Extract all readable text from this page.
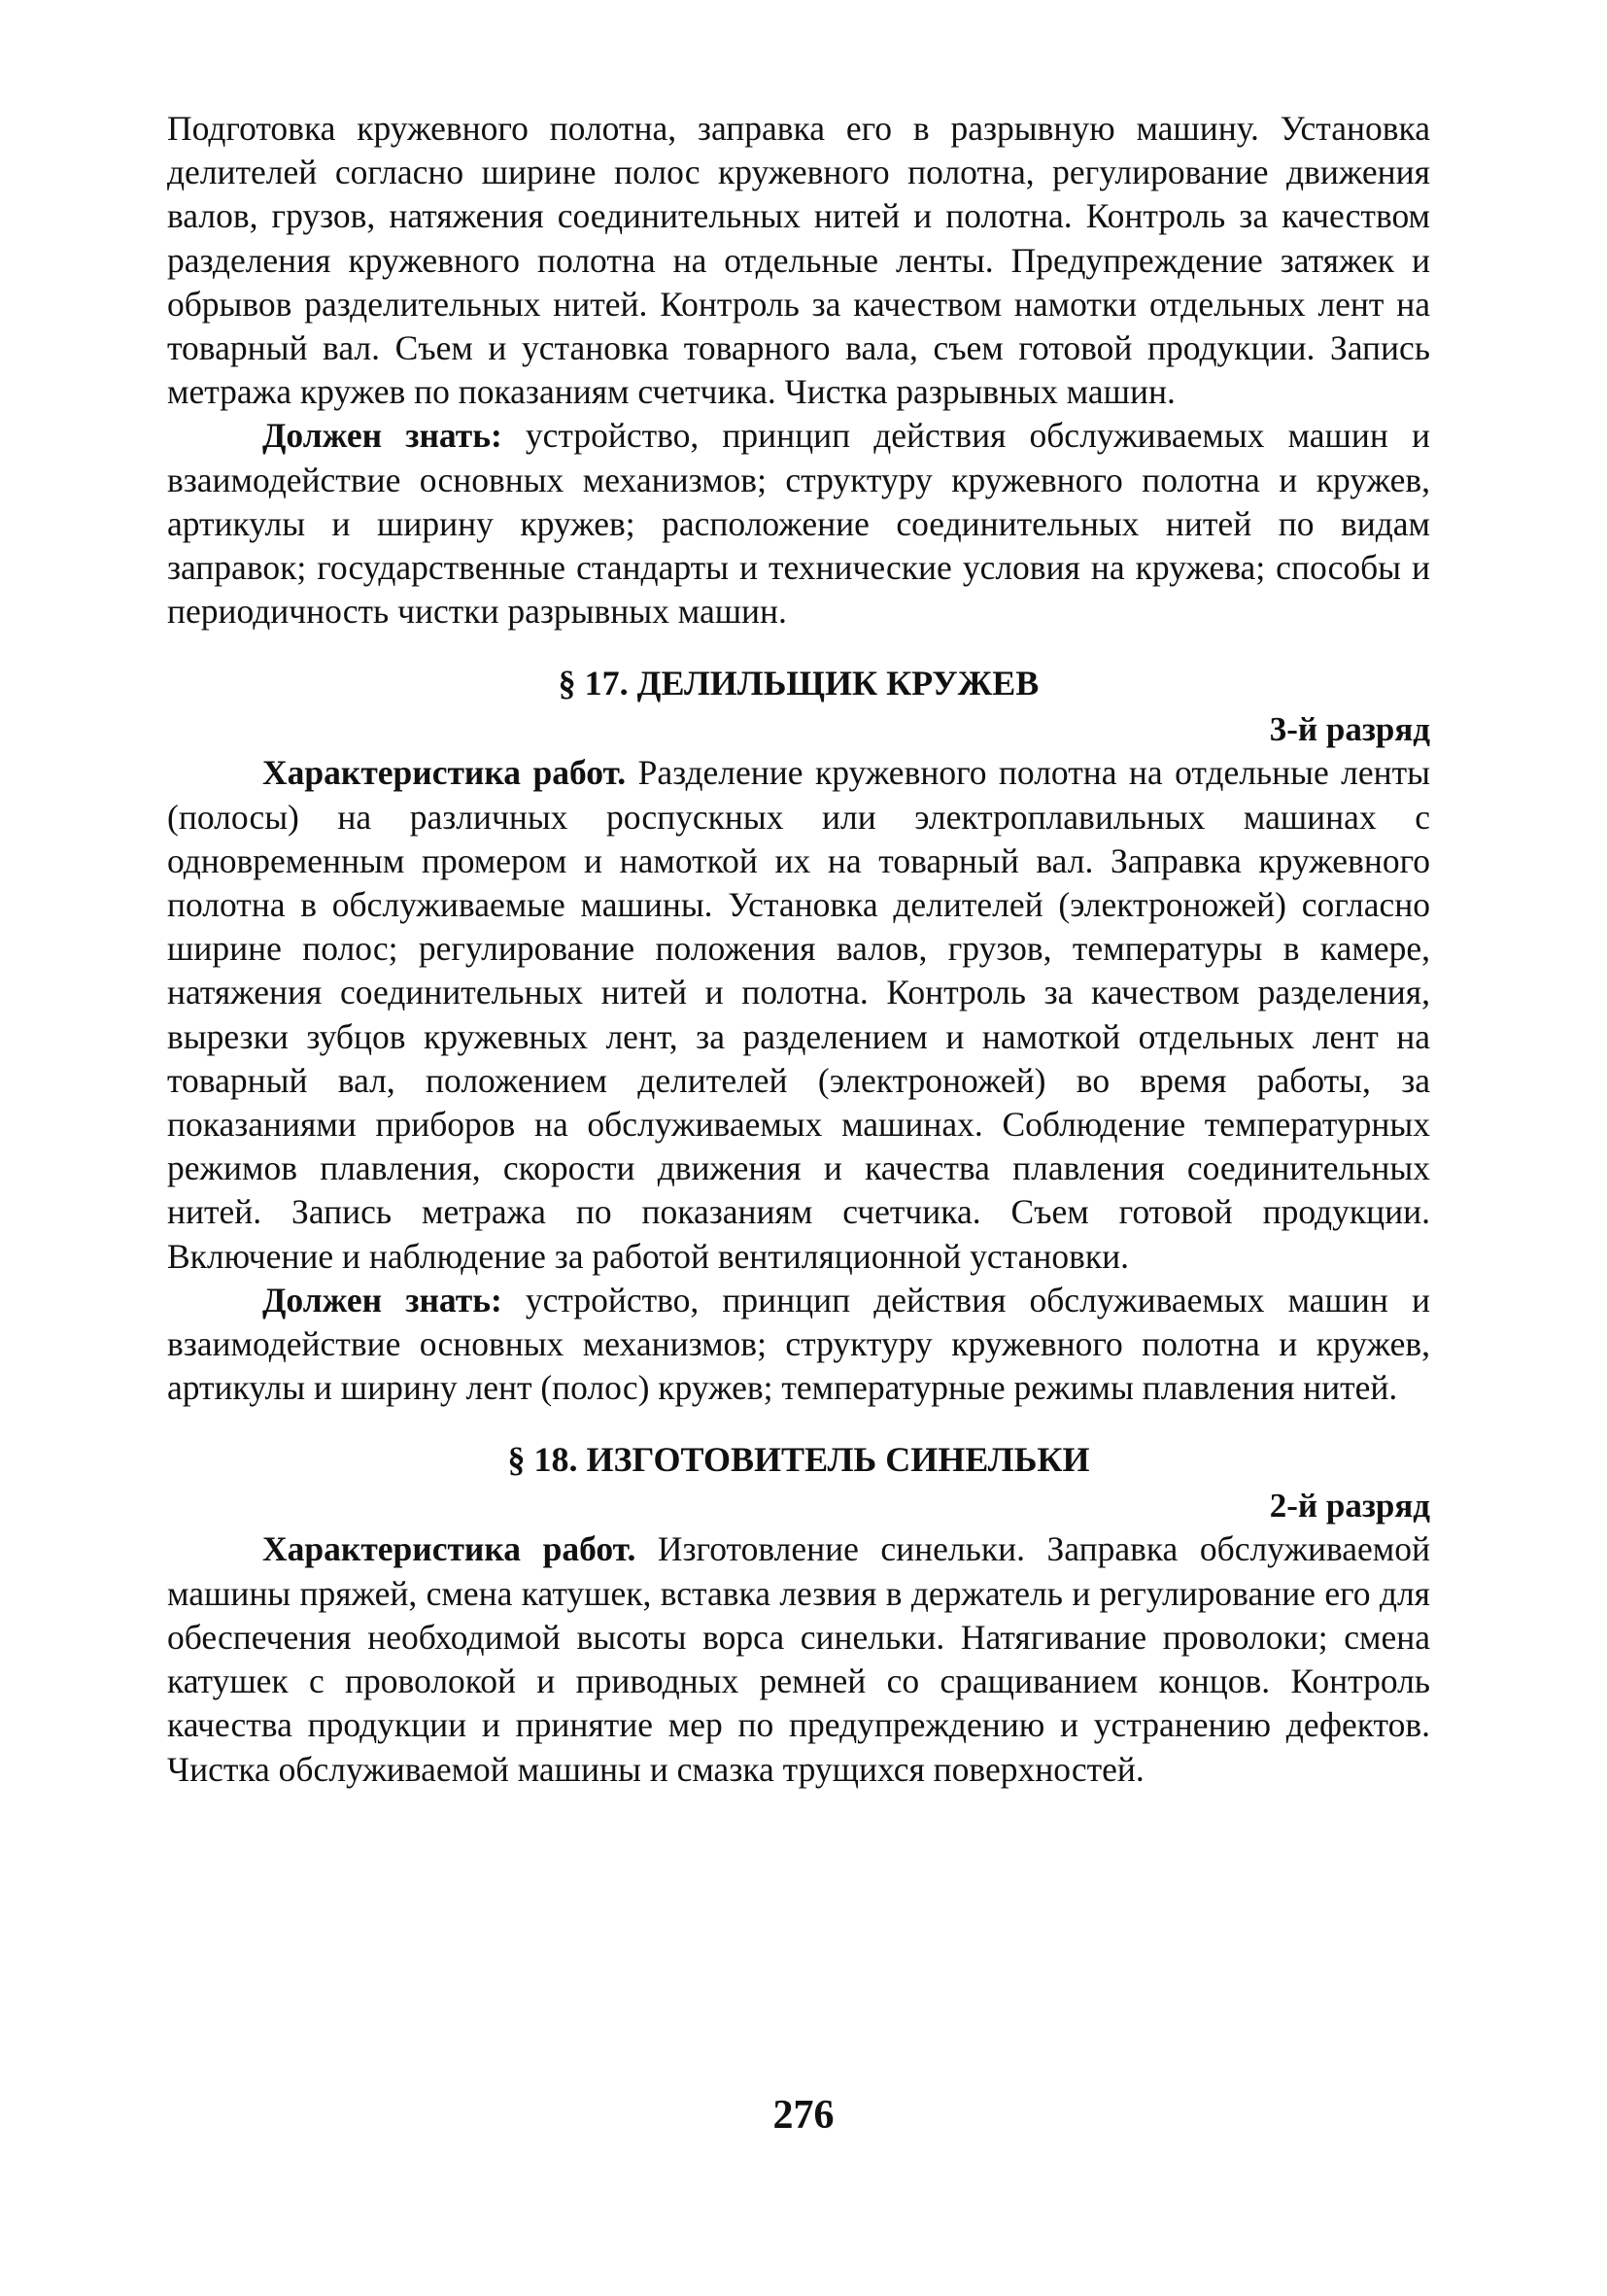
Подготовка кружевного полотна, заправка его в разрывную машину. Установка делителей согласно ширине полос кружевного полотна, регулирование движения валов, грузов, натяжения соединительных нитей и полотна. Контроль за качеством разделения кружевного полотна на отдельные ленты. Предупреждение затяжек и обрывов разделительных нитей. Контроль за качеством намотки отдельных лент на товарный вал. Съем и установка товарного вала, съем готовой продукции. Запись метража кружев по показаниям счетчика. Чистка разрывных машин.

Должен знать: устройство, принцип действия обслуживаемых машин и взаимодействие основных механизмов; структуру кружевного полотна и кружев, артикулы и ширину кружев; расположение соединительных нитей по видам заправок; государственные стандарты и технические условия на кружева; способы и периодичность чистки разрывных машин.

§ 17. ДЕЛИЛЬЩИК КРУЖЕВ
3-й разряд

Характеристика работ. Разделение кружевного полотна на отдельные ленты (полосы) на различных роспускных или электроплавильных машинах с одновременным промером и намоткой их на товарный вал. Заправка кружевного полотна в обслуживаемые машины. Установка делителей (электроножей) согласно ширине полос; регулирование положения валов, грузов, температуры в камере, натяжения соединительных нитей и полотна. Контроль за качеством разделения, вырезки зубцов кружевных лент, за разделением и намоткой отдельных лент на товарный вал, положением делителей (электроножей) во время работы, за показаниями приборов на обслуживаемых машинах. Соблюдение температурных режимов плавления, скорости движения и качества плавления соединительных нитей. Запись метража по показаниям счетчика. Съем готовой продукции. Включение и наблюдение за работой вентиляционной установки.

Должен знать: устройство, принцип действия обслуживаемых машин и взаимодействие основных механизмов; структуру кружевного полотна и кружев, артикулы и ширину лент (полос) кружев; температурные режимы плавления нитей.

§ 18. ИЗГОТОВИТЕЛЬ СИНЕЛЬКИ
2-й разряд

Характеристика работ. Изготовление синельки. Заправка обслуживаемой машины пряжей, смена катушек, вставка лезвия в держатель и регулирование его для обеспечения необходимой высоты ворса синельки. Натягивание проволоки; смена катушек с проволокой и приводных ремней со сращиванием концов. Контроль качества продукции и принятие мер по предупреждению и устранению дефектов. Чистка обслуживаемой машины и смазка трущихся поверхностей.

276
